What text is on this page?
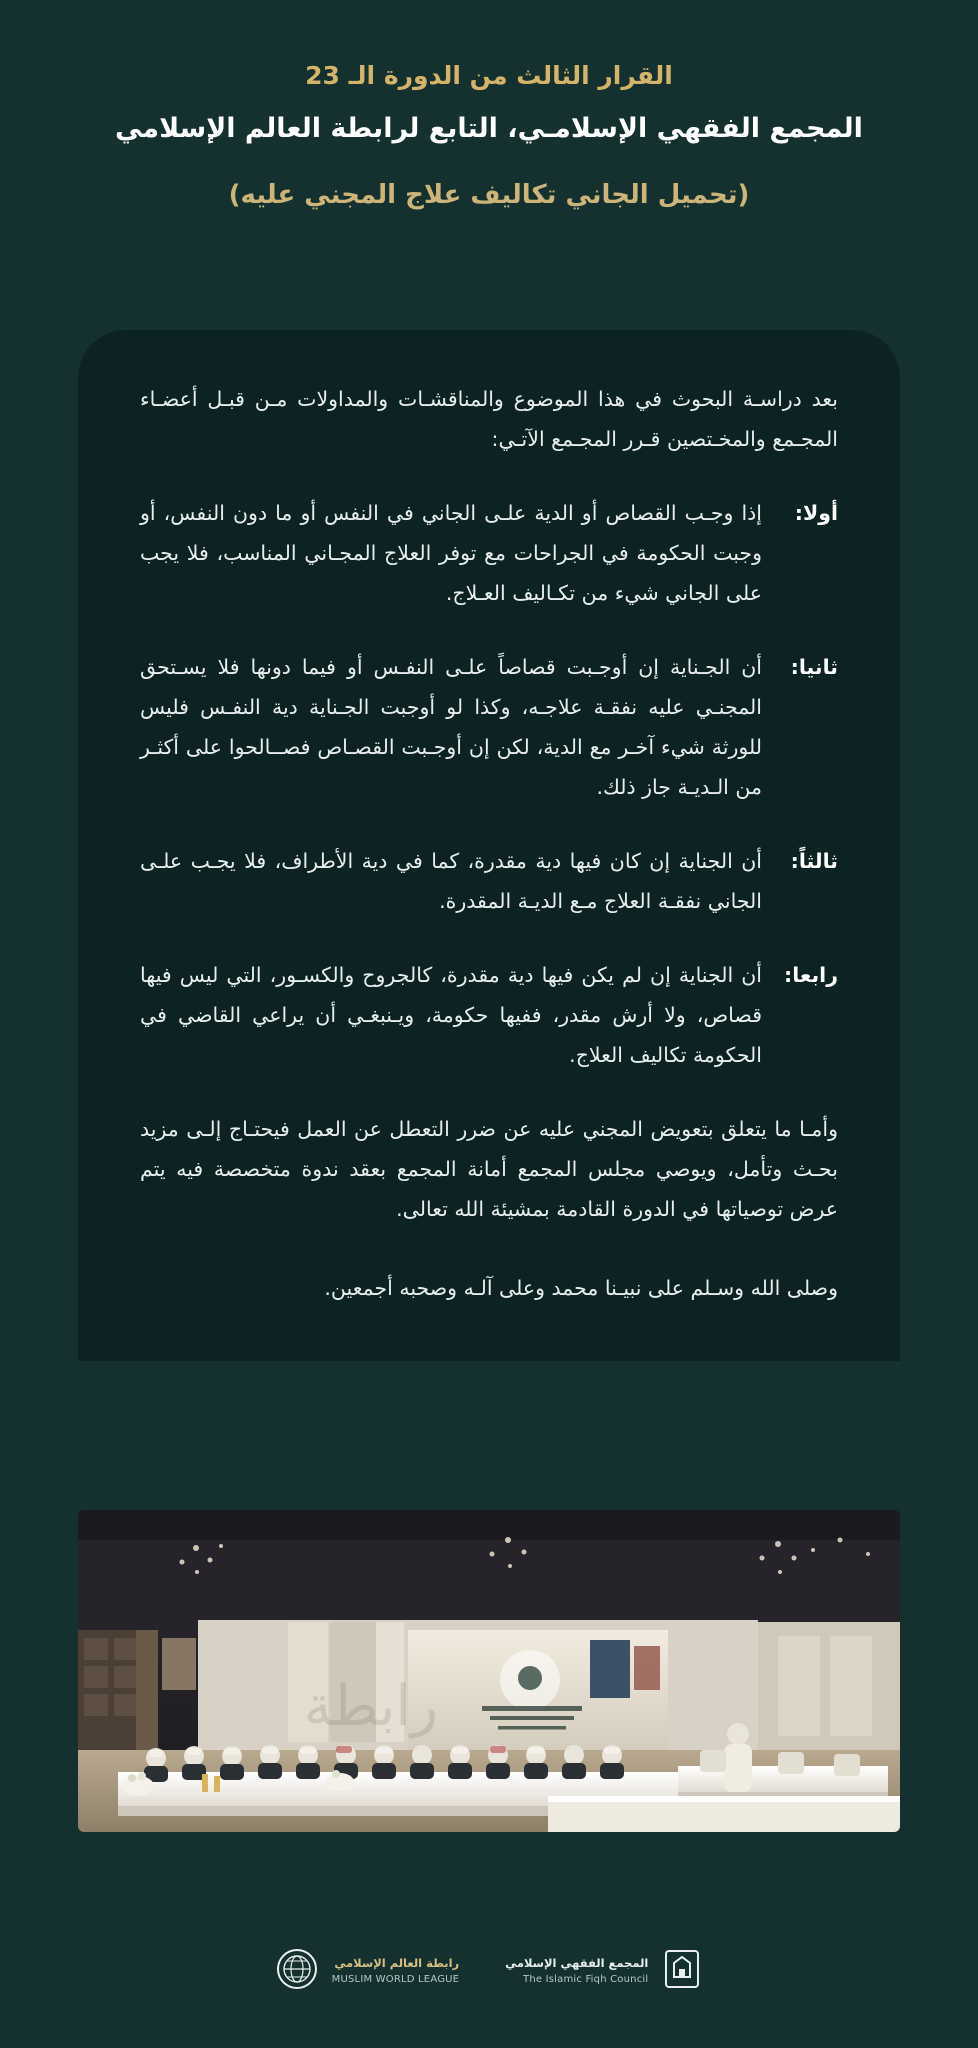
القرار الثالث من الدورة الـ 23
المجمع الفقهي الإسلامـي، التابع لرابطة العالم الإسلامي
(تحميل الجاني تكاليف علاج المجني عليه)
بعد دراسـة البحوث في هذا الموضوع والمناقشـات والمداولات مـن قبـل أعضـاء المجـمع والمخـتصين قـرر المجـمع الآتـي:
أولا:
إذا وجـب القصاص أو الدية علـى الجاني في النفس أو ما دون النفس، أو وجبت الحكومة في الجراحات مع توفر العلاج المجـاني المناسب، فلا يجب على الجاني شيء من تكـاليف العـلاج.
ثانيا:
أن الجـناية إن أوجـبت قصاصاً علـى النفـس أو فيما دونها فلا يسـتحق المجنـي عليه نفقـة علاجـه، وكذا لو أوجبت الجـناية دية النفـس فليس للورثة شيء آخـر مع الدية، لكن إن أوجـبت القصـاص فصــالحوا على أكثـر من الـديـة جاز ذلك.
ثالثاً:
أن الجناية إن كان فيها دية مقدرة، كما في دية الأطراف، فلا يجـب علـى الجاني نفقـة العلاج مـع الديـة المقدرة.
رابعا:
أن الجناية إن لم يكن فيها دية مقدرة، كالجروح والكسـور، التي ليس فيها قصاص، ولا أرش مقدر، ففيها حكومة، ويـنبغـي أن يراعي القاضي في الحكومة تكاليف العلاج.
وأمـا ما يتعلق بتعويض المجني عليه عن ضرر التعطل عن العمل فيحتـاج إلـى مزيد بحـث وتأمل، ويوصي مجلس المجمع أمانة المجمع بعقد ندوة متخصصة فيه يتم عرض توصياتها في الدورة القادمة بمشيئة الله تعالى.
وصلى الله وسـلم على نبيـنا محمد وعلى آلـه وصحبه أجمعين.
رابطة
المجمع الفقهي الإسلامي
The Islamic Fiqh Council
رابطة العالم الإسلامي
MUSLIM WORLD LEAGUE
